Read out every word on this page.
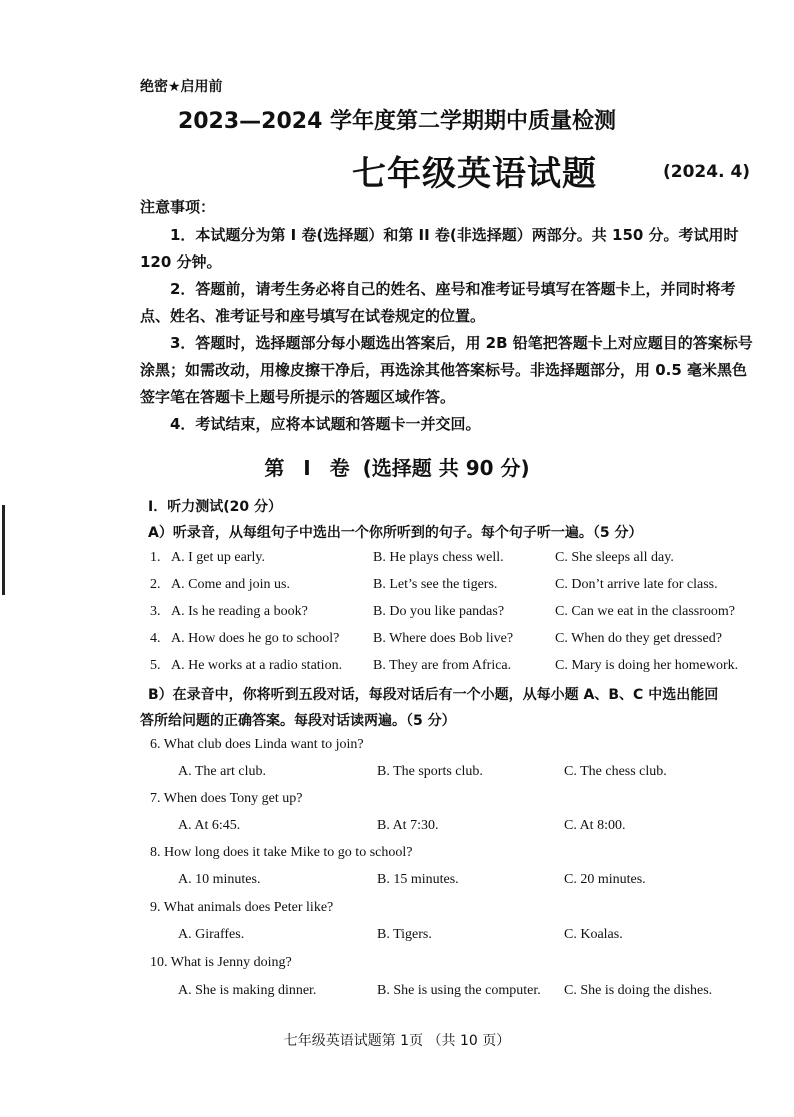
绝密★启用前
2023—2024 学年度第二学期期中质量检测
七年级英语试题	(2024. 4)
注意事项：

1．本试题分为第 I 卷(选择题）和第 II 卷(非选择题）两部分。共 150 分。考试用时 120 分钟。

2．答题前，请考生务必将自己的姓名、座号和准考证号填写在答题卡上，并同时将考点、姓名、准考证号和座号填写在试卷规定的位置。

3．答题时，选择题部分每小题选出答案后，用 2B 铅笔把答题卡上对应题目的答案标号涂黑；如需改动，用橡皮擦干净后，再选涂其他答案标号。非选择题部分，用 0.5 毫米黑色签字笔在答题卡上题号所提示的答题区域作答。

4．考试结束，应将本试题和答题卡一并交回。

第 I 卷 (选择题 共 90 分)
I．听力测试(20 分）
A）听录音，从每组句子中选出一个你所听到的句子。每个句子听一遍。（5 分）
1. A. I get up early.	B. He plays chess well.	C. She sleeps all day.
2. A. Come and join us.	B. Let’s see the tigers.	C. Don’t arrive late for class.
3. A. Is he reading a book?	B. Do you like pandas?	C. Can we eat in the classroom?
4. A. How does he go to school? B. Where does Bob live?	C. When do they get dressed?
5. A. He works at a radio station. B. They are from Africa.	C. Mary is doing her homework.
B）在录音中，你将听到五段对话，每段对话后有一个小题，从每小题 A、B、C 中选出能回
答所给问题的正确答案。每段对话读两遍。（5 分）
6. What club does Linda want to join?
A. The art club.	B. The sports club.	C. The chess club.
7. When does Tony get up?
A. At 6:45.	B. At 7:30.	C. At 8:00.
8. How long does it take Mike to go to school?
A. 10 minutes.	B. 15 minutes.	C. 20 minutes.
9. What animals does Peter like?
A. Giraffes.	B. Tigers.	C. Koalas.
10. What is Jenny doing?
A. She is making dinner.	B. She is using the computer. C. She is doing the dishes.
七年级英语试题第 1页 （共 10 页）
